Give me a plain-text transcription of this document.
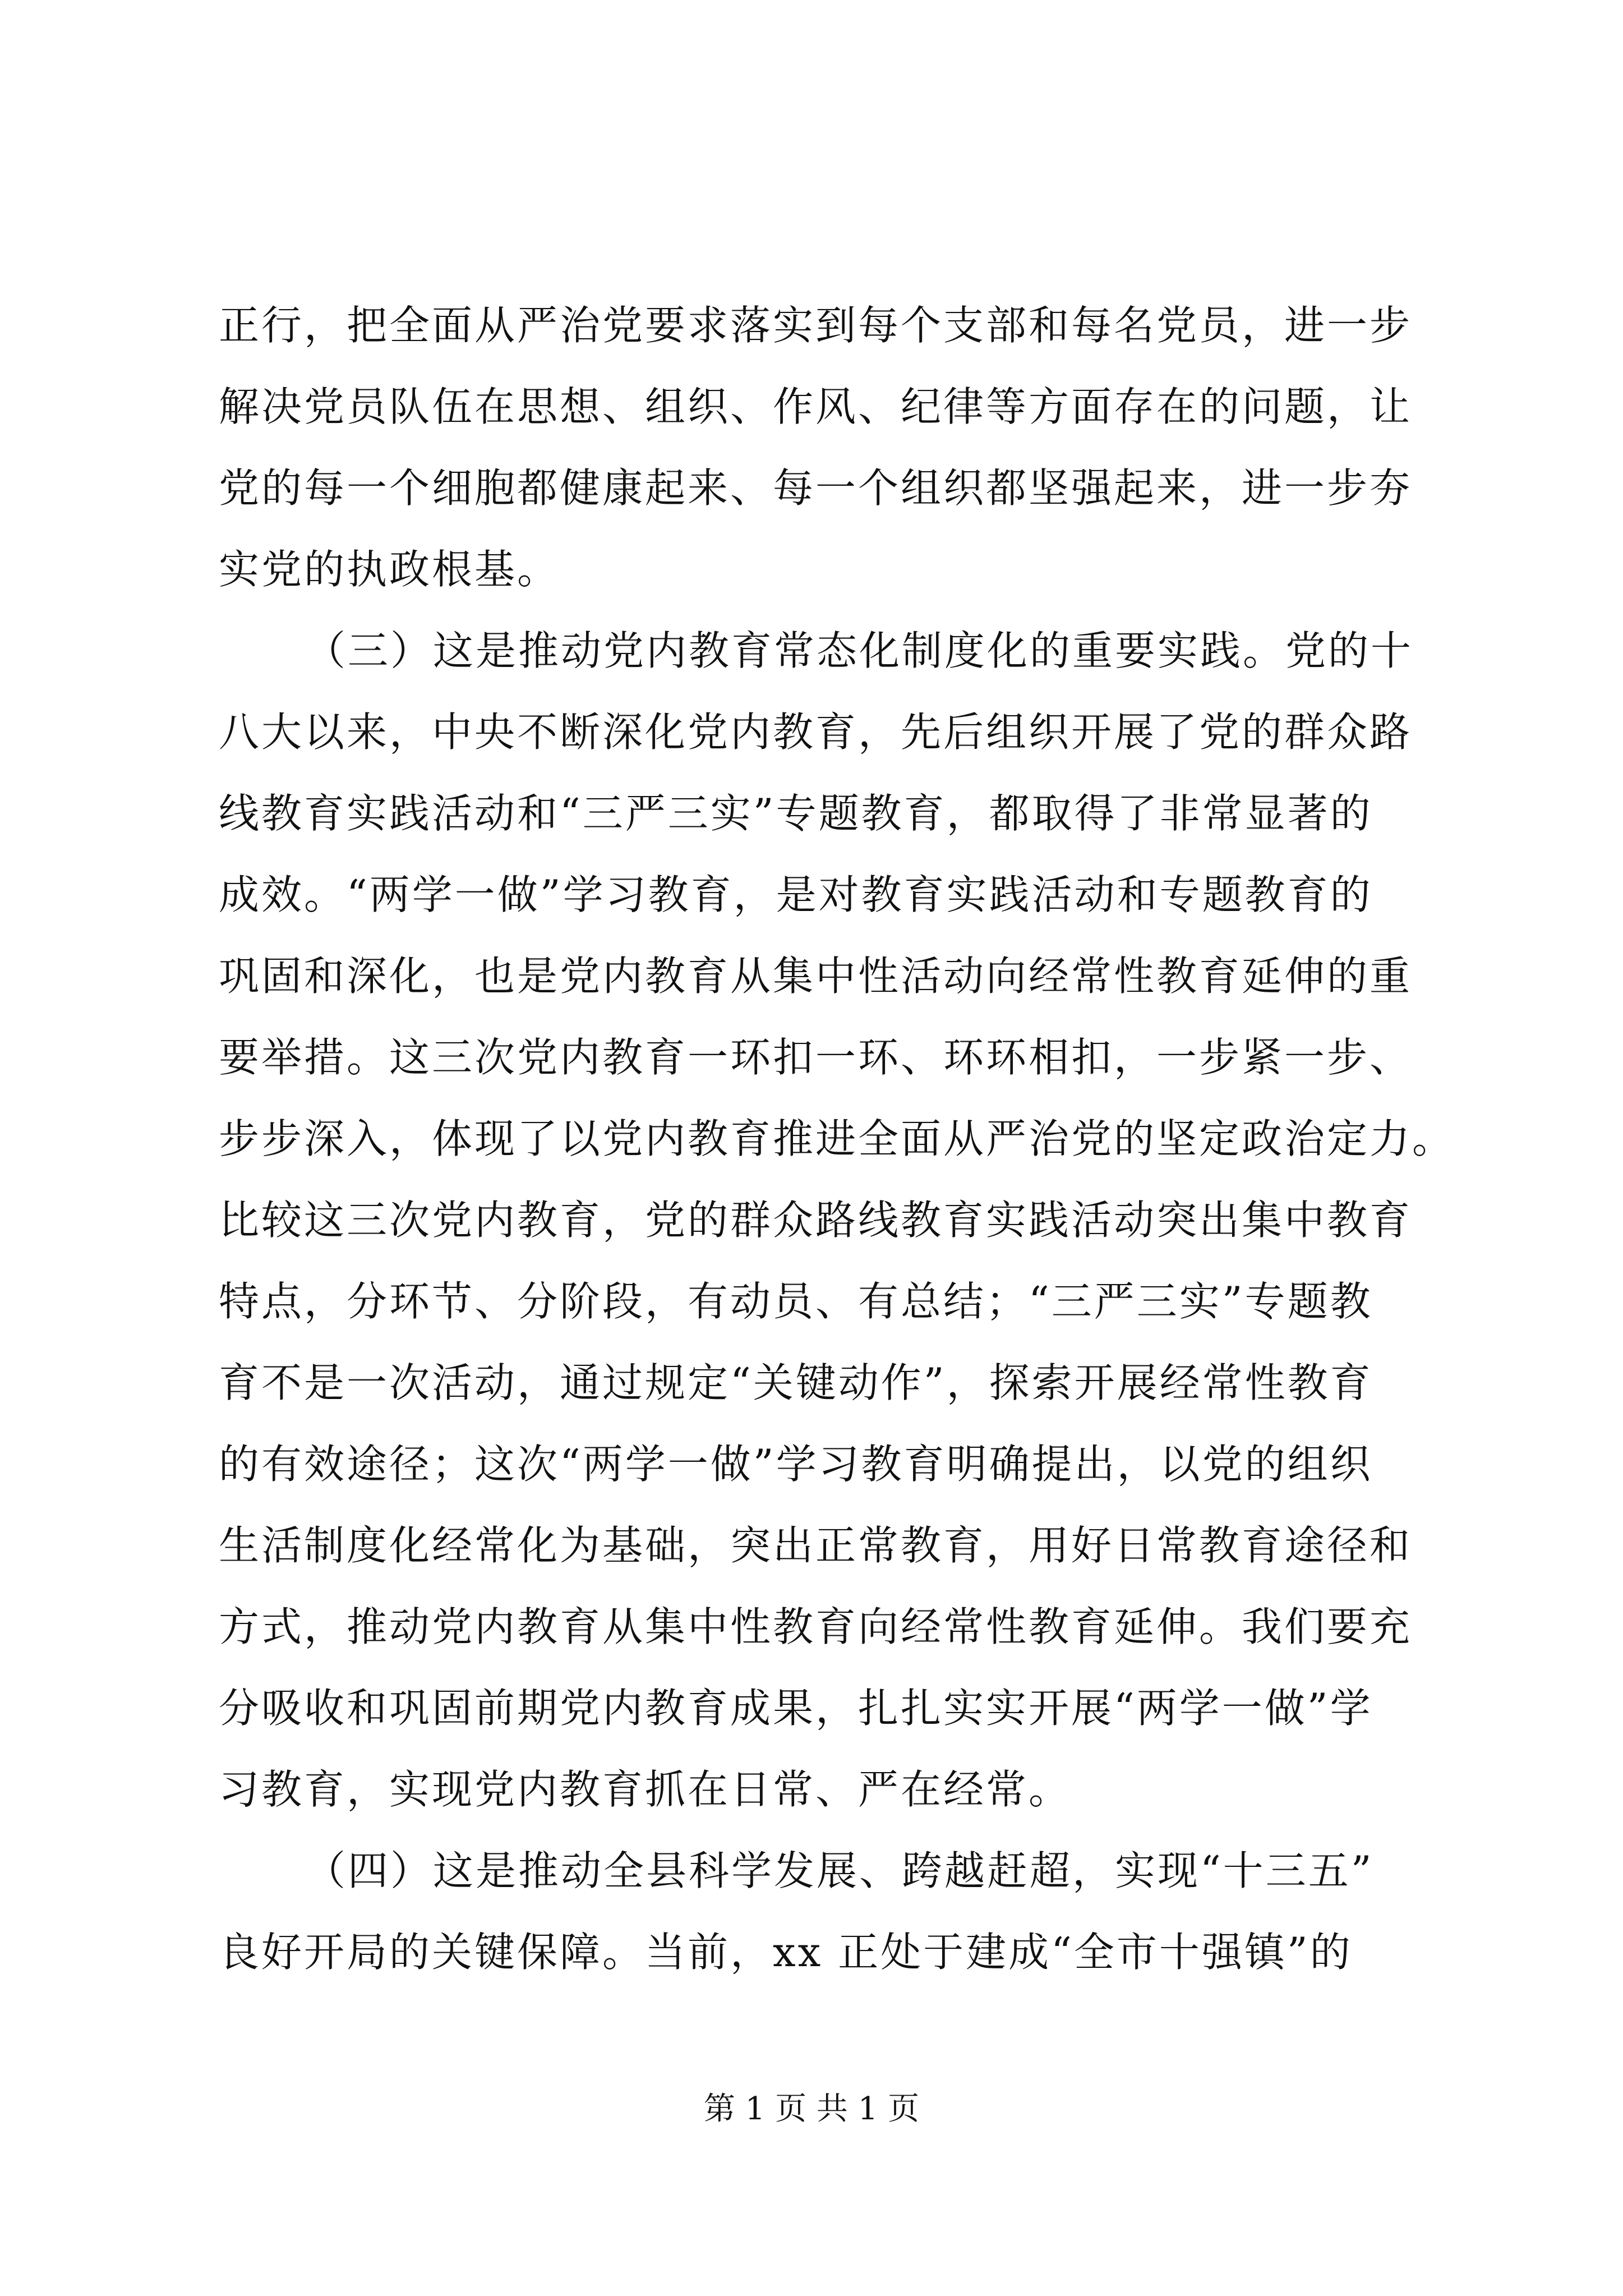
正行，把全面从严治党要求落实到每个支部和每名党员，进一步
解决党员队伍在思想、组织、作风、纪律等方面存在的问题，让
党的每一个细胞都健康起来、每一个组织都坚强起来，进一步夯
实党的执政根基。
（三）这是推动党内教育常态化制度化的重要实践。党的十
八大以来，中央不断深化党内教育，先后组织开展了党的群众路
线教育实践活动和“三严三实”专题教育，都取得了非常显著的
成效。“两学一做”学习教育，是对教育实践活动和专题教育的
巩固和深化，也是党内教育从集中性活动向经常性教育延伸的重
要举措。这三次党内教育一环扣一环、环环相扣，一步紧一步、
步步深入，体现了以党内教育推进全面从严治党的坚定政治定力。
比较这三次党内教育，党的群众路线教育实践活动突出集中教育
特点，分环节、分阶段，有动员、有总结；“三严三实”专题教
育不是一次活动，通过规定“关键动作”，探索开展经常性教育
的有效途径；这次“两学一做”学习教育明确提出，以党的组织
生活制度化经常化为基础，突出正常教育，用好日常教育途径和
方式，推动党内教育从集中性教育向经常性教育延伸。我们要充
分吸收和巩固前期党内教育成果，扎扎实实开展“两学一做”学
习教育，实现党内教育抓在日常、严在经常。
（四）这是推动全县科学发展、跨越赶超，实现“十三五”
良好开局的关键保障。当前，xx 正处于建成“全市十强镇”的
第 1 页 共 1 页
